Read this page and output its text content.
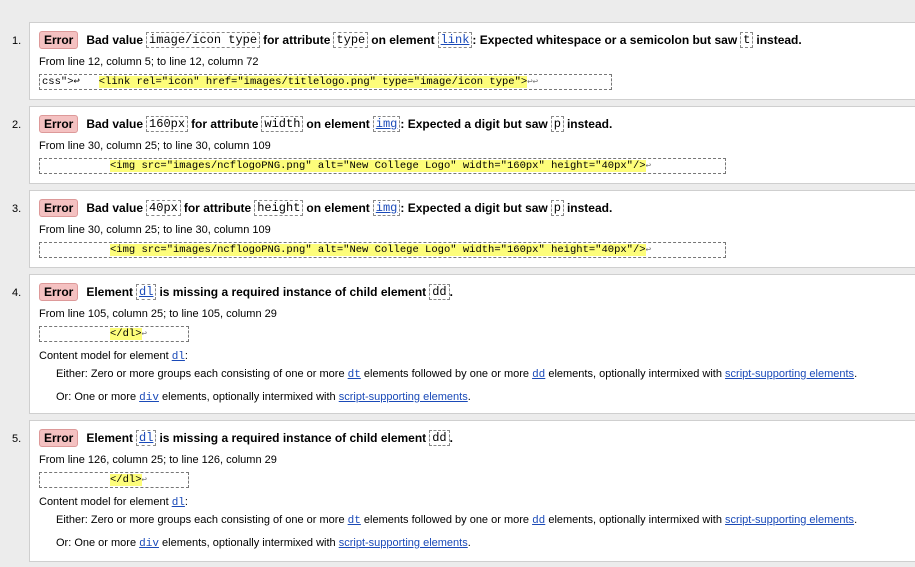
1.	Error	Bad value image/icon type for attribute type on element link : Expected whitespace or a semicolon but saw t instead.
From line 12, column 5; to line 12, column 72
css">↩ <link rel="icon" href="images/titlelogo.png" type="image/icon type">↩↩
2.	Error	Bad value 160px for attribute width on element img : Expected a digit but saw p instead.
From line 30, column 25; to line 30, column 109
<img src="images/ncflogoPNG.png" alt="New College Logo" width="160px" height="40px"/>↩
3.	Error	Bad value 40px for attribute height on element img : Expected a digit but saw p instead.
From line 30, column 25; to line 30, column 109
<img src="images/ncflogoPNG.png" alt="New College Logo" width="160px" height="40px"/>↩
4.	Error	Element dl is missing a required instance of child element dd .
From line 105, column 25; to line 105, column 29
</dl>↩
Content model for element dl:
Either: Zero or more groups each consisting of one or more dt elements followed by one or more dd elements, optionally intermixed with script-supporting elements.
Or: One or more div elements, optionally intermixed with script-supporting elements.
5.	Error	Element dl is missing a required instance of child element dd .
From line 126, column 25; to line 126, column 29
</dl>↩
Content model for element dl:
Either: Zero or more groups each consisting of one or more dt elements followed by one or more dd elements, optionally intermixed with script-supporting elements.
Or: One or more div elements, optionally intermixed with script-supporting elements.
